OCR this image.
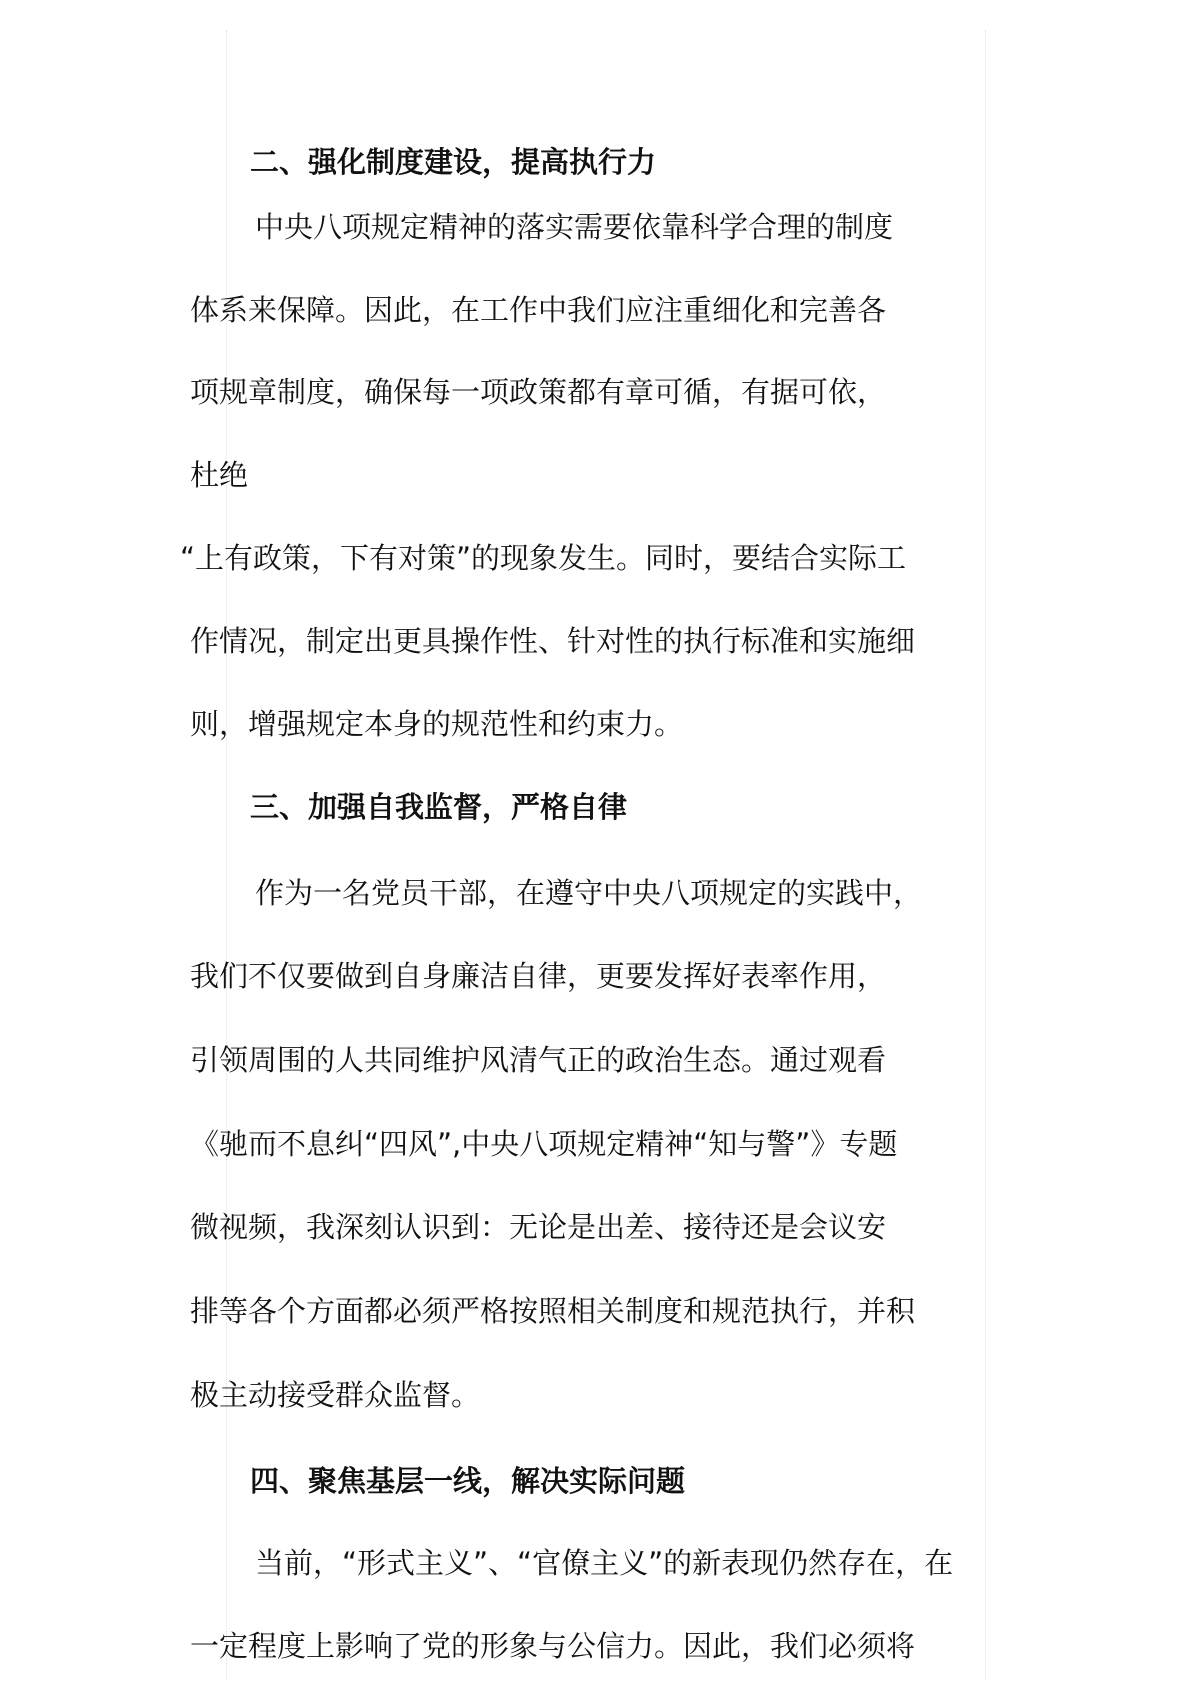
二、强化制度建设，提高执行力
中央八项规定精神的落实需要依靠科学合理的制度
体系来保障。因此，在工作中我们应注重细化和完善各
项规章制度，确保每一项政策都有章可循，有据可依，
杜绝
“上有政策，下有对策”的现象发生。同时，要结合实际工
作情况，制定出更具操作性、针对性的执行标准和实施细
则，增强规定本身的规范性和约束力。
三、加强自我监督，严格自律
作为一名党员干部，在遵守中央八项规定的实践中，
我们不仅要做到自身廉洁自律，更要发挥好表率作用，
引领周围的人共同维护风清气正的政治生态。通过观看
《驰而不息纠“四风”,中央八项规定精神“知与警”》专题
微视频，我深刻认识到：无论是出差、接待还是会议安
排等各个方面都必须严格按照相关制度和规范执行，并积
极主动接受群众监督。
四、聚焦基层一线，解决实际问题
当前，“形式主义”、“官僚主义”的新表现仍然存在，在
一定程度上影响了党的形象与公信力。因此，我们必须将
